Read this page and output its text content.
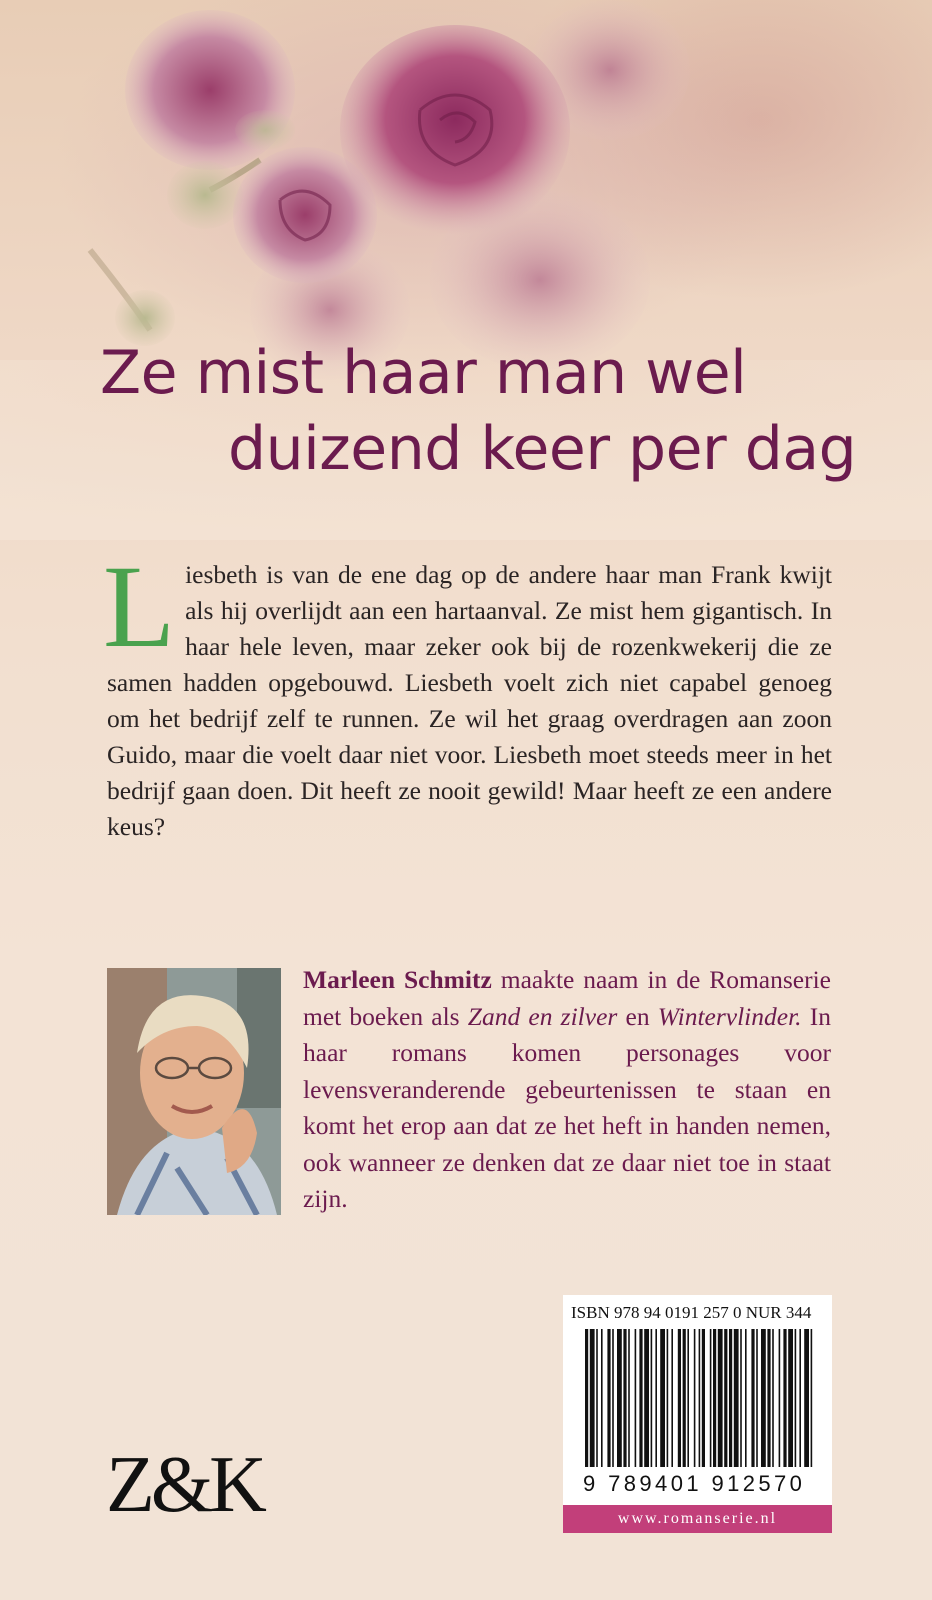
Ze mist haar man wel
duizend keer per dag
Liesbeth is van de ene dag op de andere haar man Frank kwijt als hij overlijdt aan een hartaanval. Ze mist hem gigantisch. In haar hele leven, maar zeker ook bij de rozenkwekerij die ze samen hadden opgebouwd. Liesbeth voelt zich niet capabel genoeg om het bedrijf zelf te runnen. Ze wil het graag overdragen aan zoon Guido, maar die voelt daar niet voor. Liesbeth moet steeds meer in het bedrijf gaan doen. Dit heeft ze nooit gewild! Maar heeft ze een andere keus?
Marleen Schmitz maakte naam in de Romanserie met boeken als Zand en zilver en Wintervlinder. In haar romans komen personages voor levensveranderende gebeurtenissen te staan en komt het erop aan dat ze het heft in handen nemen, ook wanneer ze denken dat ze daar niet toe in staat zijn.
ISBN 978 94 0191 257 0 NUR 344
9 789401 912570
www.romanserie.nl
Z&K
